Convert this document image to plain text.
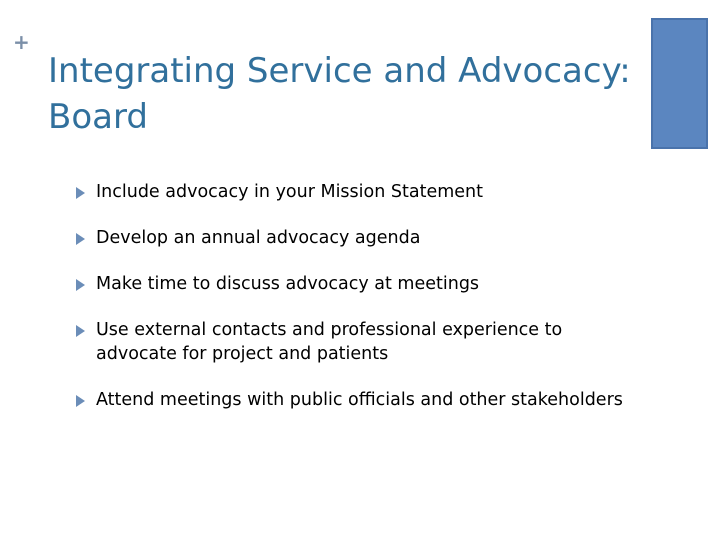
+
Integrating Service and Advocacy: Board
Include advocacy in your Mission Statement
Develop an annual advocacy agenda
Make time to discuss advocacy at meetings
Use external contacts and professional experience to advocate for project and patients
Attend meetings with public officials and other stakeholders
